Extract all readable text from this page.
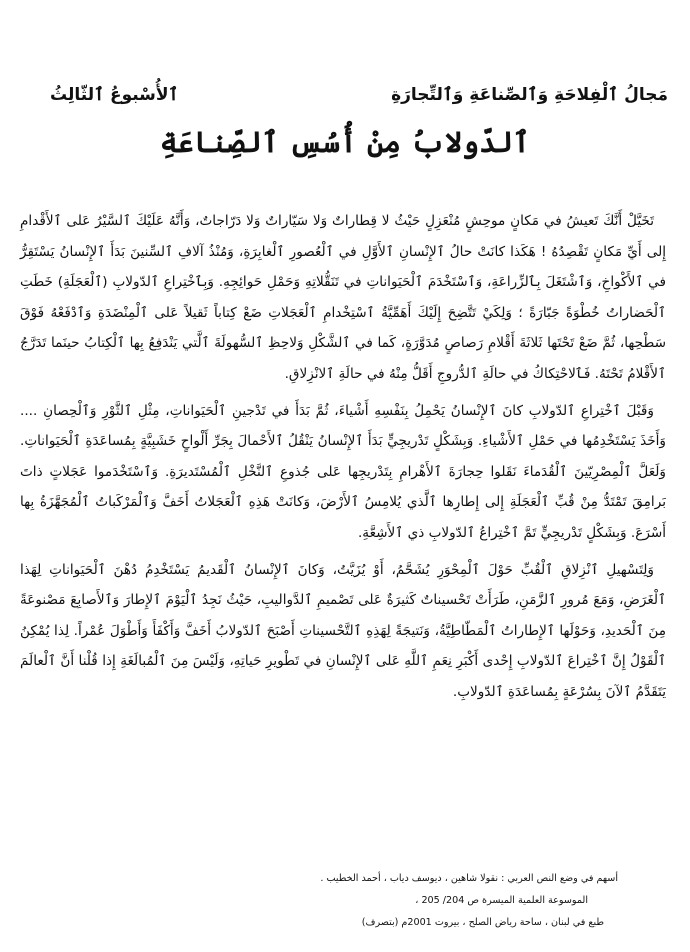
مَجالُ ٱلْفِلاحَةِ وَٱلصِّناعَةِ وَٱلتِّجارَةِ
ٱلأُسْبوعُ ٱلثّالِثُ
ٱلدّولابُ مِنْ أُسُسِ ٱلصِّناعَةِ

تَخَيَّلْ أَنَّكَ تَعيشُ في مَكانٍ موحِشٍ مُنْعَزِلٍ حَيْثُ لا قِطاراتٌ وَلا سَيّاراتٌ وَلا دَرّاجاتٌ، وَأَنَّهُ عَلَيْكَ ٱلسَّيْرُ عَلى ٱلأَقْدامِ إِلى أَيِّ مَكانٍ تَقْصِدُهُ ! هَكَذا كانَتْ حالُ ٱلإِنْسانِ ٱلأَوَّلِ في ٱلْعُصورِ ٱلْغابِرَةِ، وَمُنْذُ آلافِ ٱلسِّنينَ بَدَأَ ٱلإِنْسانُ يَسْتَقِرُّ في ٱلأَكْواخِ، وَٱشْتَغَلَ بِٱلزِّراعَةِ، وَٱسْتَخْدَمَ ٱلْحَيَواناتِ في تَنَقُّلاتِهِ وَحَمْلِ حَوائِجِهِ. وَبِٱخْتِراعِ ٱلدّولابِ (ٱلْعَجَلَةِ) خَطَتِ ٱلْحَضاراتُ خُطْوَةً جَبّارَةً ؛ وَلِكَيْ تَتَّضِحَ إِلَيْكَ أَهَمِّيَّةُ ٱسْتِخْدامِ ٱلْعَجَلاتِ ضَعْ كِتاباً ثَقيلاً عَلى ٱلْمِنْضَدَةِ وَٱدْفَعْهُ فَوْقَ سَطْحِها، ثُمَّ ضَعْ تَحْتَها ثَلاثَةَ أَقْلامِ رَصاصٍ مُدَوَّرَةٍ، كَما في ٱلشَّكْلِ وَلاحِظِ ٱلسُّهولَةَ ٱلَّتي يَنْدَفِعُ بِها ٱلْكِتابُ حينَما تَدَرَّجُ ٱلأَقْلامُ تَحْتَهُ. فَٱلاحْتِكاكُ في حالَةِ ٱلدُّروجِ أَقَلُّ مِنْهُ في حالَةِ ٱلانْزِلاقِ.

وَقَبْلَ ٱخْتِراعِ ٱلدّولابِ كانَ ٱلإِنْسانُ يَحْمِلُ بِنَفْسِهِ أَشْياءَ، ثُمَّ بَدَأَ في تَدْجينِ ٱلْحَيَواناتِ، مِثْلِ ٱلثَّوْرِ وَٱلْحِصانِ .... وَأَخَذَ يَسْتَخْدِمُها في حَمْلِ ٱلأَشْياءِ. وَبِشَكْلٍ تَدْريجِيٍّ بَدَأَ ٱلإِنْسانُ يَنْقُلُ ٱلأَحْمالَ بِجَرِّ أَلْواحٍ خَشَبِيَّةٍ بِمُساعَدَةِ ٱلْحَيَواناتِ. وَلَعَلَّ ٱلْمِصْرِيّينَ ٱلْقُدَماءَ نَقَلوا حِجارَةَ ٱلأَهْرامِ بِتَدْريجِها عَلى جُذوعِ ٱلنَّخْلِ ٱلْمُسْتَديرَةِ. وَٱسْتَخْدَموا عَجَلاتٍ ذاتَ بَرامِقَ تَمْتَدُّ مِنْ قُبِّ ٱلْعَجَلَةِ إِلى إِطارِها ٱلَّذي يُلامِسُ ٱلأَرْضَ، وَكانَتْ هَذِهِ ٱلْعَجَلاتُ أَخَفَّ وَٱلْمَرْكَباتُ ٱلْمُجَهَّزَةُ بِها أَسْرَعَ. وَبِشَكْلٍ تَدْريجِيٍّ تَمَّ ٱخْتِراعُ ٱلدّولابِ ذي ٱلأَشِعَّةِ.

وَلِتَسْهيلِ ٱنْزِلاقِ ٱلْقُبِّ حَوْلَ ٱلْمِحْوَرِ يُشَحَّمُ، أَوْ يُزَيَّتُ، وَكانَ ٱلإِنْسانُ ٱلْقَديمُ يَسْتَخْدِمُ دُهْنَ ٱلْحَيَواناتِ لِهَذا ٱلْغَرَضِ، وَمَعَ مُرورِ ٱلزَّمَنِ، طَرَأَتْ تَحْسيناتٌ كَثيرَةٌ عَلى تَصْميمِ ٱلدَّواليبِ، حَيْثُ نَجِدُ ٱلْيَوْمَ ٱلإِطارَ وَٱلأَصابِعَ مَصْنوعَةً مِنَ ٱلْحَديدِ، وَحَوْلَها ٱلإِطاراتُ ٱلْمَطّاطِيَّةُ، وَنَتيجَةً لِهَذِهِ ٱلتَّحْسيناتِ أَصْبَحَ ٱلدّولابُ أَخَفَّ وَأَكْفَأَ وَأَطْوَلَ عُمْراً. لِذا يُمْكِنُ ٱلْقَوْلُ إِنَّ ٱخْتِراعَ ٱلدّولابِ إِحْدى أَكْبَرِ نِعَمِ ٱللَّهِ عَلى ٱلإِنْسانِ في تَطْويرِ حَياتِهِ، وَلَيْسَ مِنَ ٱلْمُبالَغَةِ إِذا قُلْنا أَنَّ ٱلْعالَمَ يَتَقَدَّمُ ٱلآنَ بِسُرْعَةٍ بِمُساعَدَةِ ٱلدّولابِ.

أسهم في وضع النص العربي : نقولا شاهين ، ديوسف دياب ، أحمد الخطيب .
الموسوعة العلمية الميسرة ص 204/ 205 ،
طبع في لبنان ، ساحة رياض الصلح ، بيروت 2001م (بتصرف)
